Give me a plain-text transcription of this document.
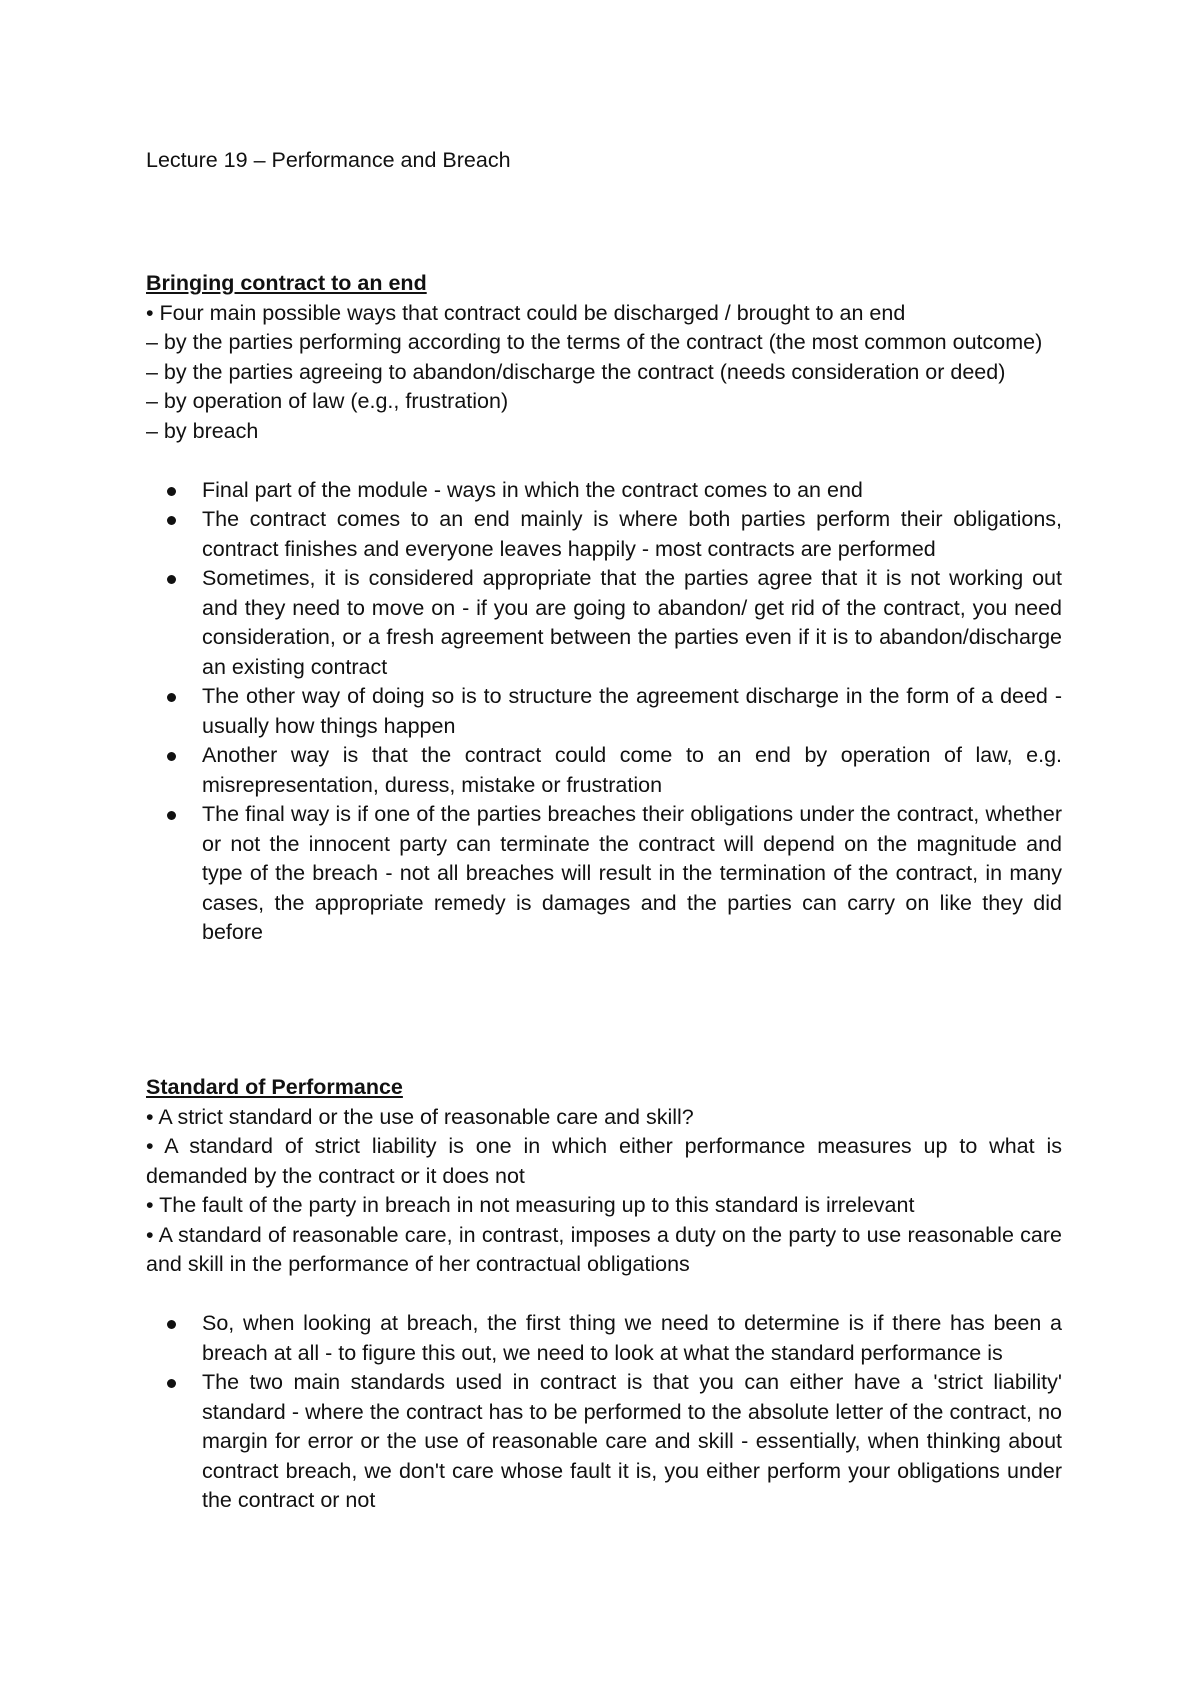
Lecture 19 – Performance and Breach
Bringing contract to an end

• Four main possible ways that contract could be discharged / brought to an end

– by the parties performing according to the terms of the contract (the most common outcome)

– by the parties agreeing to abandon/discharge the contract (needs consideration or deed)

– by operation of law (e.g., frustration)

– by breach

Final part of the module - ways in which the contract comes to an end
The contract comes to an end mainly is where both parties perform their obligations, contract finishes and everyone leaves happily - most contracts are performed
Sometimes, it is considered appropriate that the parties agree that it is not working out and they need to move on - if you are going to abandon/ get rid of the contract, you need consideration, or a fresh agreement between the parties even if it is to abandon/discharge an existing contract
The other way of doing so is to structure the agreement discharge in the form of a deed - usually how things happen
Another way is that the contract could come to an end by operation of law, e.g. misrepresentation, duress, mistake or frustration
The final way is if one of the parties breaches their obligations under the contract, whether or not the innocent party can terminate the contract will depend on the magnitude and type of the breach - not all breaches will result in the termination of the contract, in many cases, the appropriate remedy is damages and the parties can carry on like they did before
Standard of Performance

• A strict standard or the use of reasonable care and skill?

• A standard of strict liability is one in which either performance measures up to what is demanded by the contract or it does not

• The fault of the party in breach in not measuring up to this standard is irrelevant

• A standard of reasonable care, in contrast, imposes a duty on the party to use reasonable care and skill in the performance of her contractual obligations

So, when looking at breach, the first thing we need to determine is if there has been a breach at all - to figure this out, we need to look at what the standard performance is
The two main standards used in contract is that you can either have a 'strict liability' standard - where the contract has to be performed to the absolute letter of the contract, no margin for error or the use of reasonable care and skill - essentially, when thinking about contract breach, we don't care whose fault it is, you either perform your obligations under the contract or not
